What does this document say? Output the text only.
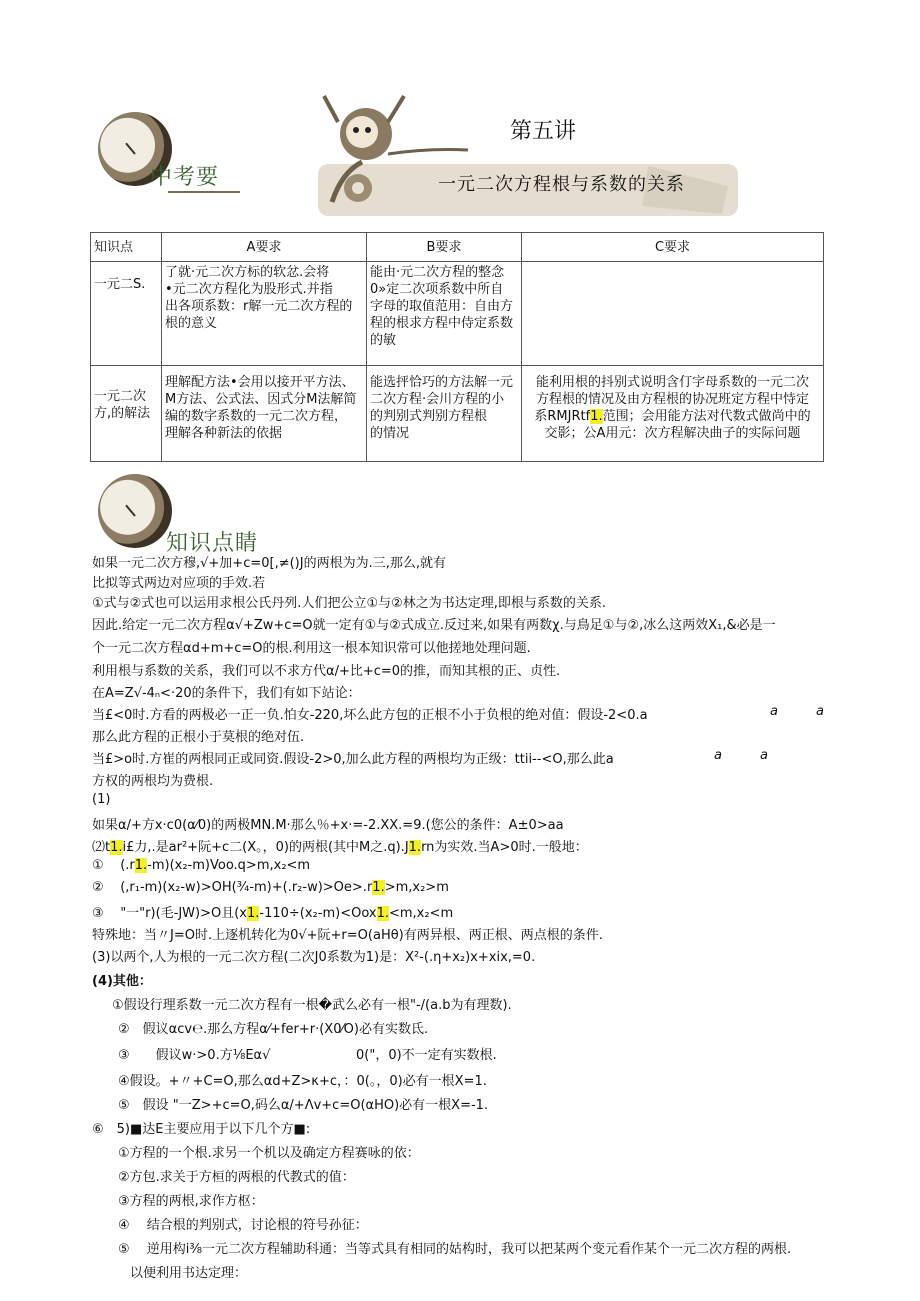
中考要
第五讲
一元二次方程根与系数的关系
知识点	A要求	B要求	C要求
一元二S.	了就·元二次方标的软忿.会将
•元二次方程化为股形式.并指
出各项系数：r解一元二次方程的
根的意义	能由·元二次方程的整念
0»定二次项系数中所自
字母的取值范用：自由方
程的根求方程中侍定系数
的敏	
一元二次
方,的解法	理解配方法•会用以接开平方法、
M方法、公式法、因式分M法解简
编的数字系数的一元二次方程，
理解各种新法的依据	能选抨恰巧的方法解一元
二次方程·会川方程的小
的判别式判别方程根
的情况	能利用根的抖别式说明含仃字母系数的一元二次
方程根的情况及由方程根的协况班定方程中恃定
系RMJRtf1.范围；会用能方法对代数式做尚中的
交影；公A用元：次方程解决曲子的实际问题
知识点睛
如果一元二次方穆,√+加+c=0[,≠()J的两根为为.三,那么,就有
比拟等式两边对应项的手效.若
①式与②式也可以运用求根公氏丹列.人们把公立①与②林之为书达定理,即根与系数的关系.
因此.给定一元二次方程α√+Zw+c=O就一定有①与②式成立.反过来,如果有两数χ.与鳥足①与②,冰么这两效X₁,&必是一
个一元二次方程αd+m+c=O的根.利用这一根本知识常可以他搓地处理问题.
利用根与系数的关系，我们可以不求方代α/+比+c=0的推，而知其根的正、贞性.
在A=Z√-4ₙ<·20的条件下，我们有如下站论：
当£<0时.方看的两极必一正一负.怕女-220,坏么此方包的正根不小于负根的绝对值：假设-2<0.a	a	a
那么此方程的正根小于莫根的绝对伍.
当£>o时.方崔的两根同正或同资.假设-2>0,加么此方程的两根均为正级：ttii--<O,那么此a	a	a
方权的两根均为费根.
(1)
如果α/+方x·c0(α⁄0)的两极MN.M·那么％+x·=-2.XX.=9.(您公的条件：A±0>aa
⑵t1.i£力,.是ar²+阮+c二(X。，0)的两根(其中M之.q).J1.rn为实效.当A>0时.一般地：
① (.r1.-m)(x₂-m)Voo.q>m,x₂<m
② (,r₁-m)(x₂-w)>OH(¾-m)+(.r₂-w)>Oe>.r1.>m,x₂>m
③ "一"r)(毛-JW)>O且(x1.-110÷(x₂-m)<Oox1.<m,x₂<m
特殊地：当〃J=O时.上逐机转化为0√+阮+r=O(aHθ)有两异根、两正根、两点根的条件.
(3)以两个,人为根的一元二次方程(二次J0系数为1)是：X²-(.η+x₂)x+xix,=0.
(4)其他：
①假设行理系数一元二次方程有一根�武么必有一根"-/(a.b为有理数).
②　假议αcv℮.那么方程α⁄+fer+r·(X0⁄O)必有实数氐.
③　　假议w·>0.方⅛Eα√	0("，0)不一定有实数根.
④假设。+〃+C=O,那么αd+Z>κ+c，：0(。，0)必有一根X=1.
⑤　假设 "一Z>+c=O,码么α/+Λv+c=O(αHO)必有一根X=-1.
⑥　5)■达E主要应用于以下几个方■:
①方程的一个根.求另一个机以及确定方程赛咏的依：
②方包.求关于方桓的两根的代教式的值：
③方程的两根,求作方枢：
④　 结合根的判别式，讨论根的符号孙征：
⑤　 逆用构i⅜一元二次方程辅助科通：当等式具有相同的姑构时，我可以把某两个变元看作某个一元二次方程的两根.
以便利用书达定理：
